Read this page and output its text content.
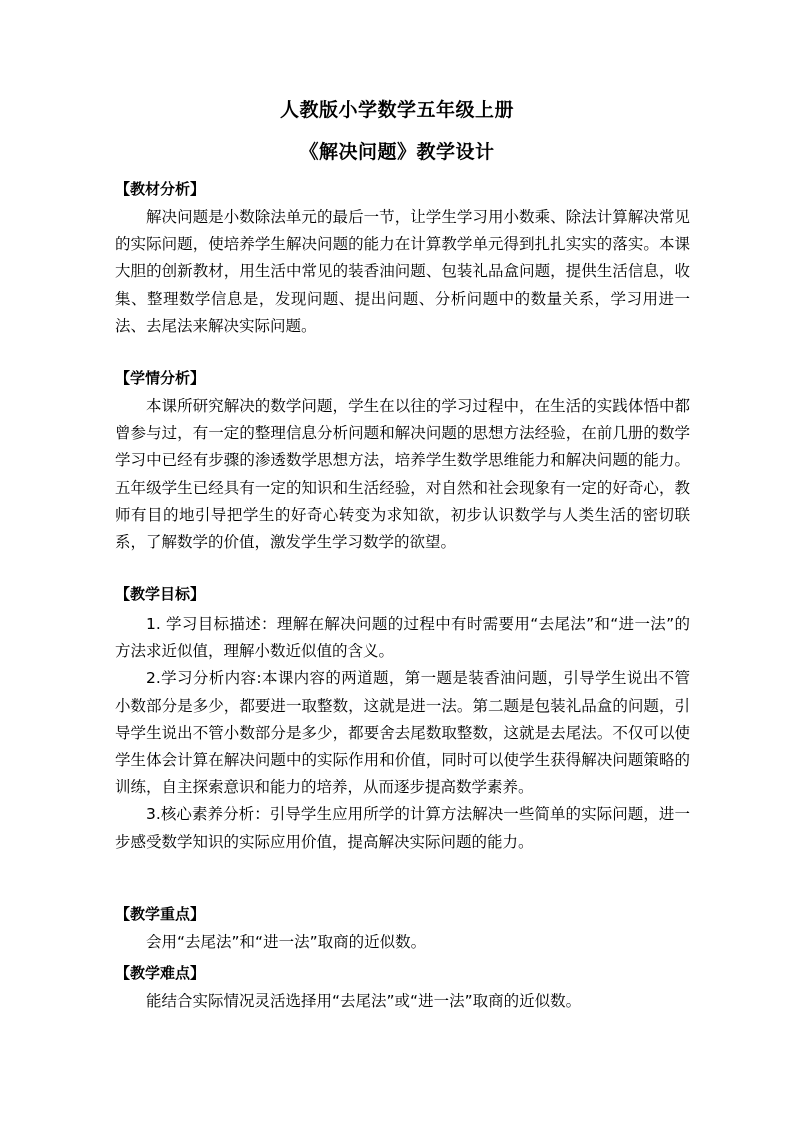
人教版小学数学五年级上册
《解决问题》教学设计
【教材分析】

解决问题是小数除法单元的最后一节，让学生学习用小数乘、除法计算解决常见的实际问题，使培养学生解决问题的能力在计算教学单元得到扎扎实实的落实。本课大胆的创新教材，用生活中常见的装香油问题、包装礼品盒问题，提供生活信息，收集、整理数学信息是，发现问题、提出问题、分析问题中的数量关系，学习用进一法、去尾法来解决实际问题。

【学情分析】

本课所研究解决的数学问题，学生在以往的学习过程中，在生活的实践体悟中都曾参与过，有一定的整理信息分析问题和解决问题的思想方法经验，在前几册的数学学习中已经有步骤的渗透数学思想方法，培养学生数学思维能力和解决问题的能力。五年级学生已经具有一定的知识和生活经验，对自然和社会现象有一定的好奇心，教师有目的地引导把学生的好奇心转变为求知欲，初步认识数学与人类生活的密切联系，了解数学的价值，激发学生学习数学的欲望。

【教学目标】

1. 学习目标描述：理解在解决问题的过程中有时需要用“去尾法”和“进一法”的方法求近似值，理解小数近似值的含义。

2.学习分析内容:本课内容的两道题，第一题是装香油问题，引导学生说出不管小数部分是多少，都要进一取整数，这就是进一法。第二题是包装礼品盒的问题，引导学生说出不管小数部分是多少，都要舍去尾数取整数，这就是去尾法。不仅可以使学生体会计算在解决问题中的实际作用和价值，同时可以使学生获得解决问题策略的训练，自主探索意识和能力的培养，从而逐步提高数学素养。

3.核心素养分析：引导学生应用所学的计算方法解决一些简单的实际问题，进一步感受数学知识的实际应用价值，提高解决实际问题的能力。

【教学重点】

会用“去尾法”和“进一法”取商的近似数。

【教学难点】

能结合实际情况灵活选择用“去尾法”或“进一法”取商的近似数。
